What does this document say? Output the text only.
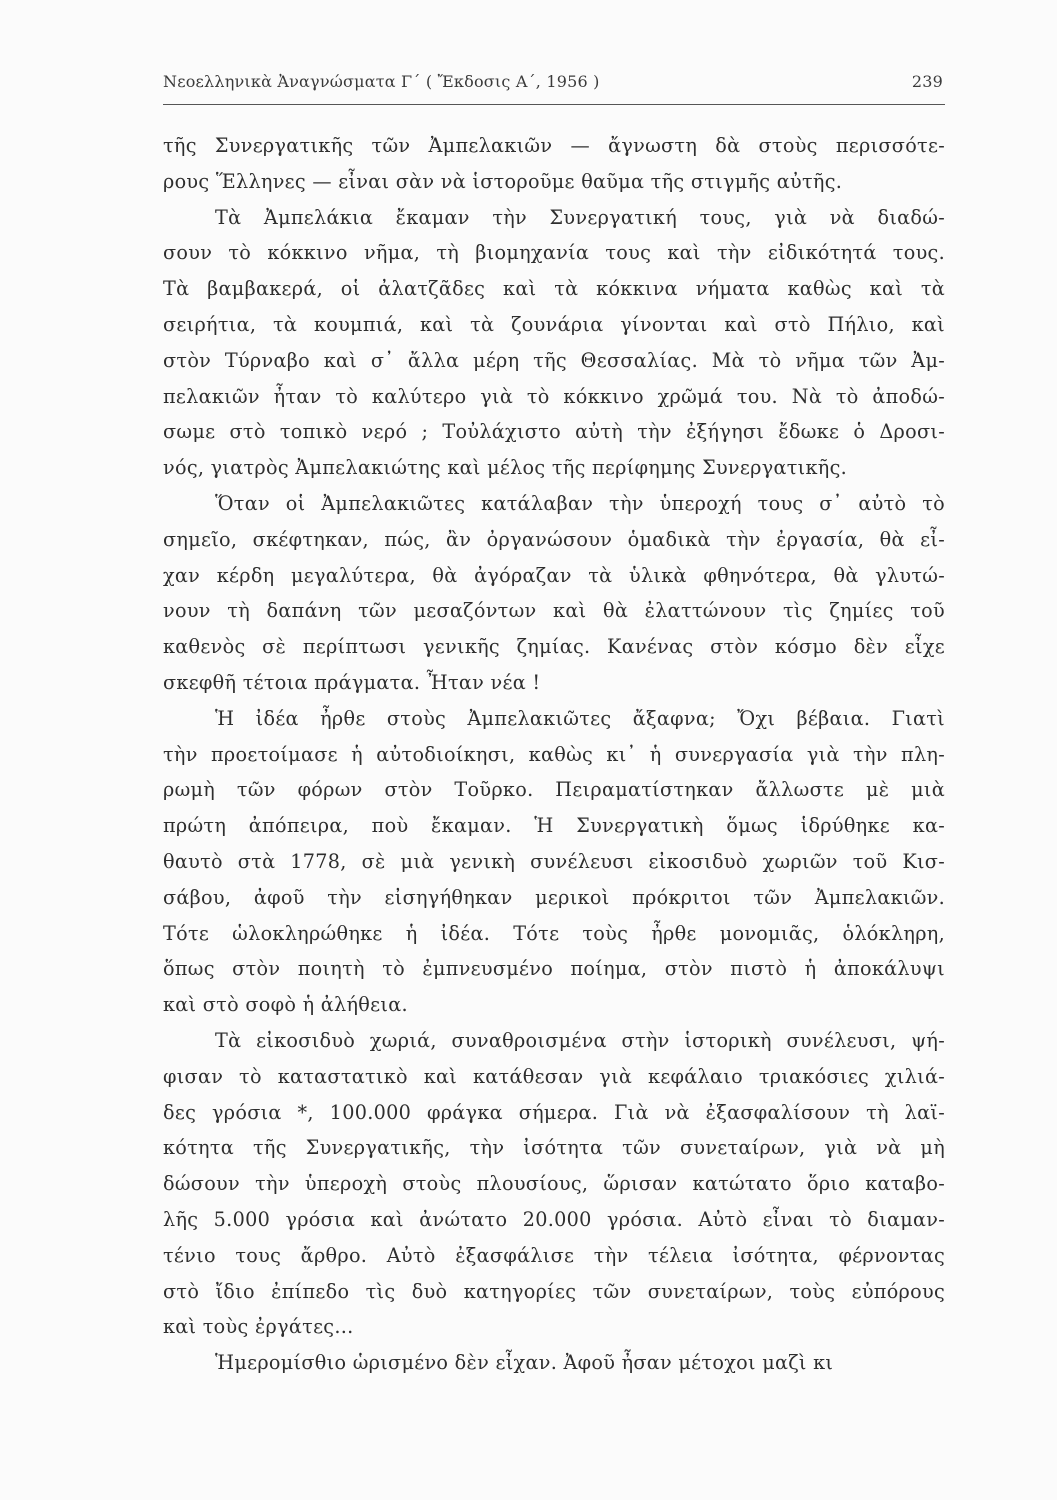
Νεοελληνικὰ Ἀναγνώσματα Γ΄ ( Ἔκδοσις Α΄, 1956 )	239
τῆς Συνεργατικῆς τῶν Ἀμπελακιῶν — ἄγνωστη δὰ στοὺς περισσότε-
ρους Ἕλληνες — εἶναι σὰν νὰ ἱστοροῦμε θαῦμα τῆς στιγμῆς αὐτῆς.
Τὰ Ἀμπελάκια ἔκαμαν τὴν Συνεργατική τους, γιὰ νὰ διαδώ-
σουν τὸ κόκκινο νῆμα, τὴ βιομηχανία τους καὶ τὴν εἰδικότητά τους.
Τὰ βαμβακερά, οἱ ἀλατζᾶδες καὶ τὰ κόκκινα νήματα καθὼς καὶ τὰ
σειρήτια, τὰ κουμπιά, καὶ τὰ ζουνάρια γίνονται καὶ στὸ Πήλιο, καὶ
στὸν Τύρναβο καὶ σ᾿ ἄλλα μέρη τῆς Θεσσαλίας. Μὰ τὸ νῆμα τῶν Ἀμ-
πελακιῶν ἦταν τὸ καλύτερο γιὰ τὸ κόκκινο χρῶμά του. Νὰ τὸ ἀποδώ-
σωμε στὸ τοπικὸ νερό ; Τοὐλάχιστο αὐτὴ τὴν ἐξήγησι ἔδωκε ὁ Δροσι-
νός, γιατρὸς Ἀμπελακιώτης καὶ μέλος τῆς περίφημης Συνεργατικῆς.
Ὅταν οἱ Ἀμπελακιῶτες κατάλαβαν τὴν ὑπεροχή τους σ᾿ αὐτὸ τὸ
σημεῖο, σκέφτηκαν, πώς, ἂν ὀργανώσουν ὁμαδικὰ τὴν ἐργασία, θὰ εἶ-
χαν κέρδη μεγαλύτερα, θὰ ἀγόραζαν τὰ ὑλικὰ φθηνότερα, θὰ γλυτώ-
νουν τὴ δαπάνη τῶν μεσαζόντων καὶ θὰ ἐλαττώνουν τὶς ζημίες τοῦ
καθενὸς σὲ περίπτωσι γενικῆς ζημίας. Κανένας στὸν κόσμο δὲν εἶχε
σκεφθῆ τέτοια πράγματα. Ἦταν νέα !
Ἡ ἰδέα ἦρθε στοὺς Ἀμπελακιῶτες ἄξαφνα; Ὄχι βέβαια. Γιατὶ
τὴν προετοίμασε ἡ αὐτοδιοίκησι, καθὼς κι᾿ ἡ συνεργασία γιὰ τὴν πλη-
ρωμὴ τῶν φόρων στὸν Τοῦρκο. Πειραματίστηκαν ἄλλωστε μὲ μιὰ
πρώτη ἀπόπειρα, ποὺ ἔκαμαν. Ἡ Συνεργατικὴ ὅμως ἱδρύθηκε κα-
θαυτὸ στὰ 1778, σὲ μιὰ γενικὴ συνέλευσι εἰκοσιδυὸ χωριῶν τοῦ Κισ-
σάβου, ἀφοῦ τὴν εἰσηγήθηκαν μερικοὶ πρόκριτοι τῶν Ἀμπελακιῶν.
Τότε ὡλοκληρώθηκε ἡ ἰδέα. Τότε τοὺς ἦρθε μονομιᾶς, ὁλόκληρη,
ὅπως στὸν ποιητὴ τὸ ἐμπνευσμένο ποίημα, στὸν πιστὸ ἡ ἀποκάλυψι
καὶ στὸ σοφὸ ἡ ἀλήθεια.
Τὰ εἰκοσιδυὸ χωριά, συναθροισμένα στὴν ἱστορικὴ συνέλευσι, ψή-
φισαν τὸ καταστατικὸ καὶ κατάθεσαν γιὰ κεφάλαιο τριακόσιες χιλιά-
δες γρόσια *, 100.000 φράγκα σήμερα. Γιὰ νὰ ἐξασφαλίσουν τὴ λαϊ-
κότητα τῆς Συνεργατικῆς, τὴν ἰσότητα τῶν συνεταίρων, γιὰ νὰ μὴ
δώσουν τὴν ὑπεροχὴ στοὺς πλουσίους, ὥρισαν κατώτατο ὅριο καταβο-
λῆς 5.000 γρόσια καὶ ἀνώτατο 20.000 γρόσια. Αὐτὸ εἶναι τὸ διαμαν-
τένιο τους ἄρθρο. Αὐτὸ ἐξασφάλισε τὴν τέλεια ἰσότητα, φέρνοντας
στὸ ἴδιο ἐπίπεδο τὶς δυὸ κατηγορίες τῶν συνεταίρων, τοὺς εὐπόρους
καὶ τοὺς ἐργάτες...
Ἡμερομίσθιο ὡρισμένο δὲν εἶχαν. Ἀφοῦ ἦσαν μέτοχοι μαζὶ κι
